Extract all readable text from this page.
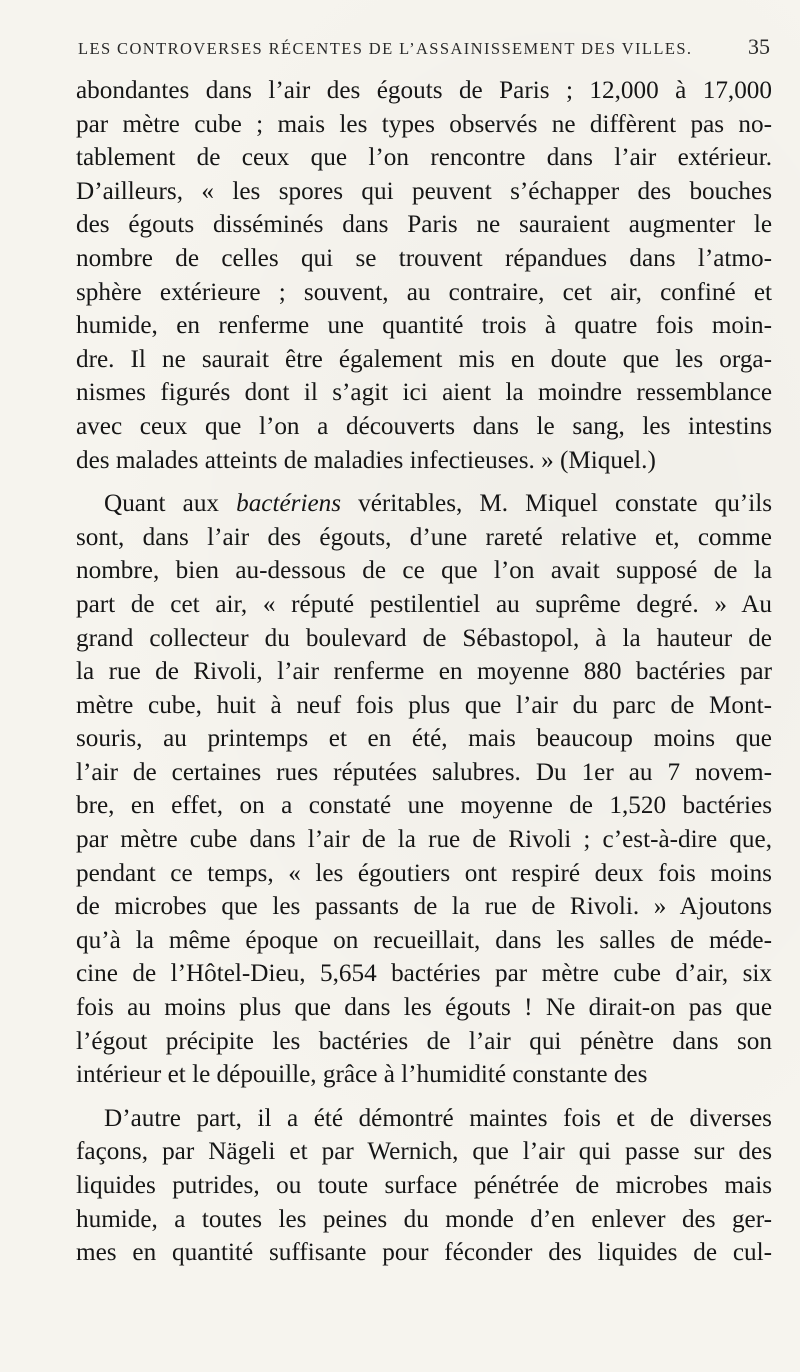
LES CONTROVERSES RÉCENTES DE L’ASSAINISSEMENT DES VILLES.	35
abondantes dans l’air des égouts de Paris ; 12,000 à 17,000
par mètre cube ; mais les types observés ne diffèrent pas no-
tablement de ceux que l’on rencontre dans l’air extérieur.
D’ailleurs, « les spores qui peuvent s’échapper des bouches
des égouts disséminés dans Paris ne sauraient augmenter le
nombre de celles qui se trouvent répandues dans l’atmo-
sphère extérieure ; souvent, au contraire, cet air, confiné et
humide, en renferme une quantité trois à quatre fois moin-
dre. Il ne saurait être également mis en doute que les orga-
nismes figurés dont il s’agit ici aient la moindre ressemblance
avec ceux que l’on a découverts dans le sang, les intestins
des malades atteints de maladies infectieuses. » (Miquel.)
Quant aux bactériens véritables, M. Miquel constate qu’ils
sont, dans l’air des égouts, d’une rareté relative et, comme
nombre, bien au-dessous de ce que l’on avait supposé de la
part de cet air, « réputé pestilentiel au suprême degré. » Au
grand collecteur du boulevard de Sébastopol, à la hauteur de
la rue de Rivoli, l’air renferme en moyenne 880 bactéries par
mètre cube, huit à neuf fois plus que l’air du parc de Mont-
souris, au printemps et en été, mais beaucoup moins que
l’air de certaines rues réputées salubres. Du 1er au 7 novem-
bre, en effet, on a constaté une moyenne de 1,520 bactéries
par mètre cube dans l’air de la rue de Rivoli ; c’est-à-dire que,
pendant ce temps, « les égoutiers ont respiré deux fois moins
de microbes que les passants de la rue de Rivoli. » Ajoutons
qu’à la même époque on recueillait, dans les salles de méde-
cine de l’Hôtel-Dieu, 5,654 bactéries par mètre cube d’air, six
fois au moins plus que dans les égouts ! Ne dirait-on pas que
l’égout précipite les bactéries de l’air qui pénètre dans son
intérieur et le dépouille, grâce à l’humidité constante des
D’autre part, il a été démontré maintes fois et de diverses
façons, par Nägeli et par Wernich, que l’air qui passe sur des
liquides putrides, ou toute surface pénétrée de microbes mais
humide, a toutes les peines du monde d’en enlever des ger-
mes en quantité suffisante pour féconder des liquides de cul-
